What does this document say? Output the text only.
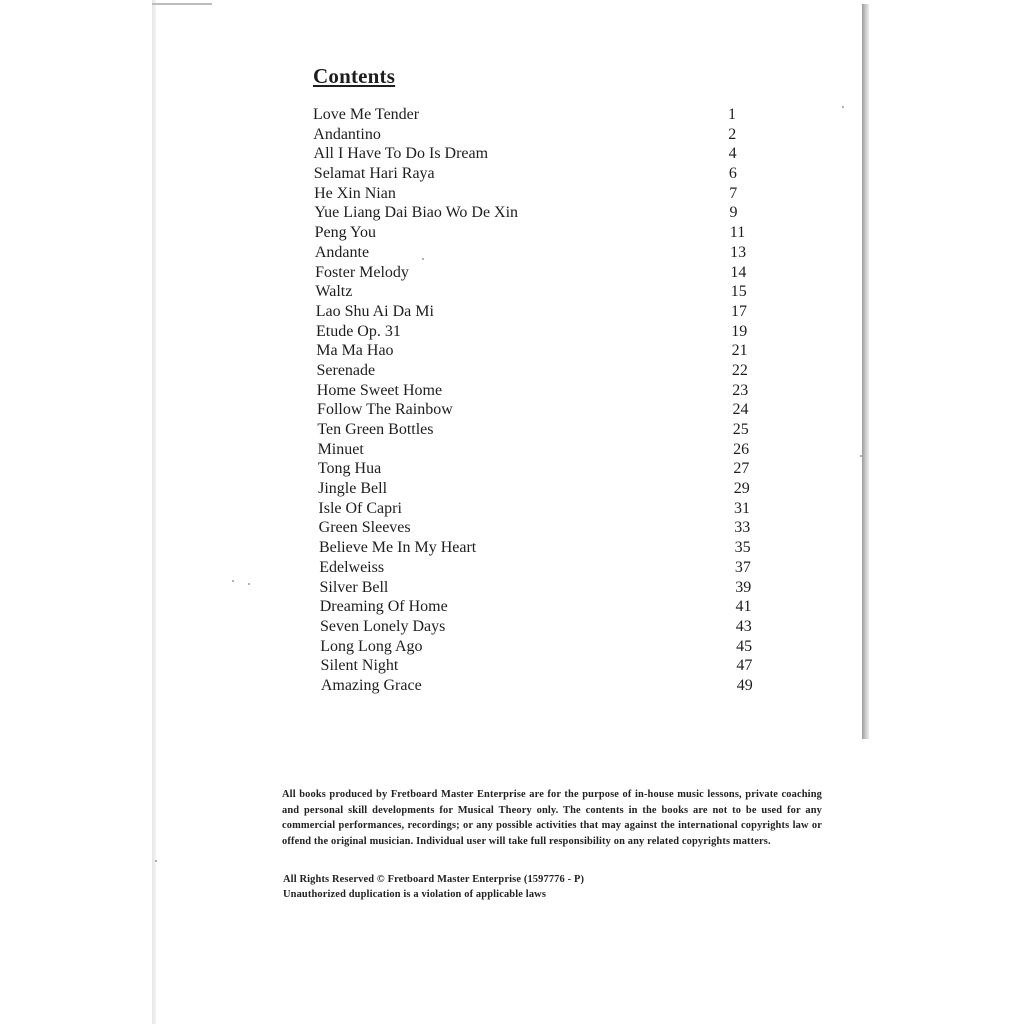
Contents
Love Me Tender	1
Andantino	2
All I Have To Do Is Dream	4
Selamat Hari Raya	6
He Xin Nian	7
Yue Liang Dai Biao Wo De Xin	9
Peng You	11
Andante	13
Foster Melody	14
Waltz	15
Lao Shu Ai Da Mi	17
Etude Op. 31	19
Ma Ma Hao	21
Serenade	22
Home Sweet Home	23
Follow The Rainbow	24
Ten Green Bottles	25
Minuet	26
Tong Hua	27
Jingle Bell	29
Isle Of Capri	31
Green Sleeves	33
Believe Me In My Heart	35
Edelweiss	37
Silver Bell	39
Dreaming Of Home	41
Seven Lonely Days	43
Long Long Ago	45
Silent Night	47
Amazing Grace	49

All books produced by Fretboard Master Enterprise are for the purpose of in-house music lessons, private coaching and personal skill developments for Musical Theory only. The contents in the books are not to be used for any commercial performances, recordings; or any possible activities that may against the international copyrights law or offend the original musician. Individual user will take full responsibility on any related copyrights matters.

All Rights Reserved © Fretboard Master Enterprise (1597776 - P)
Unauthorized duplication is a violation of applicable laws
